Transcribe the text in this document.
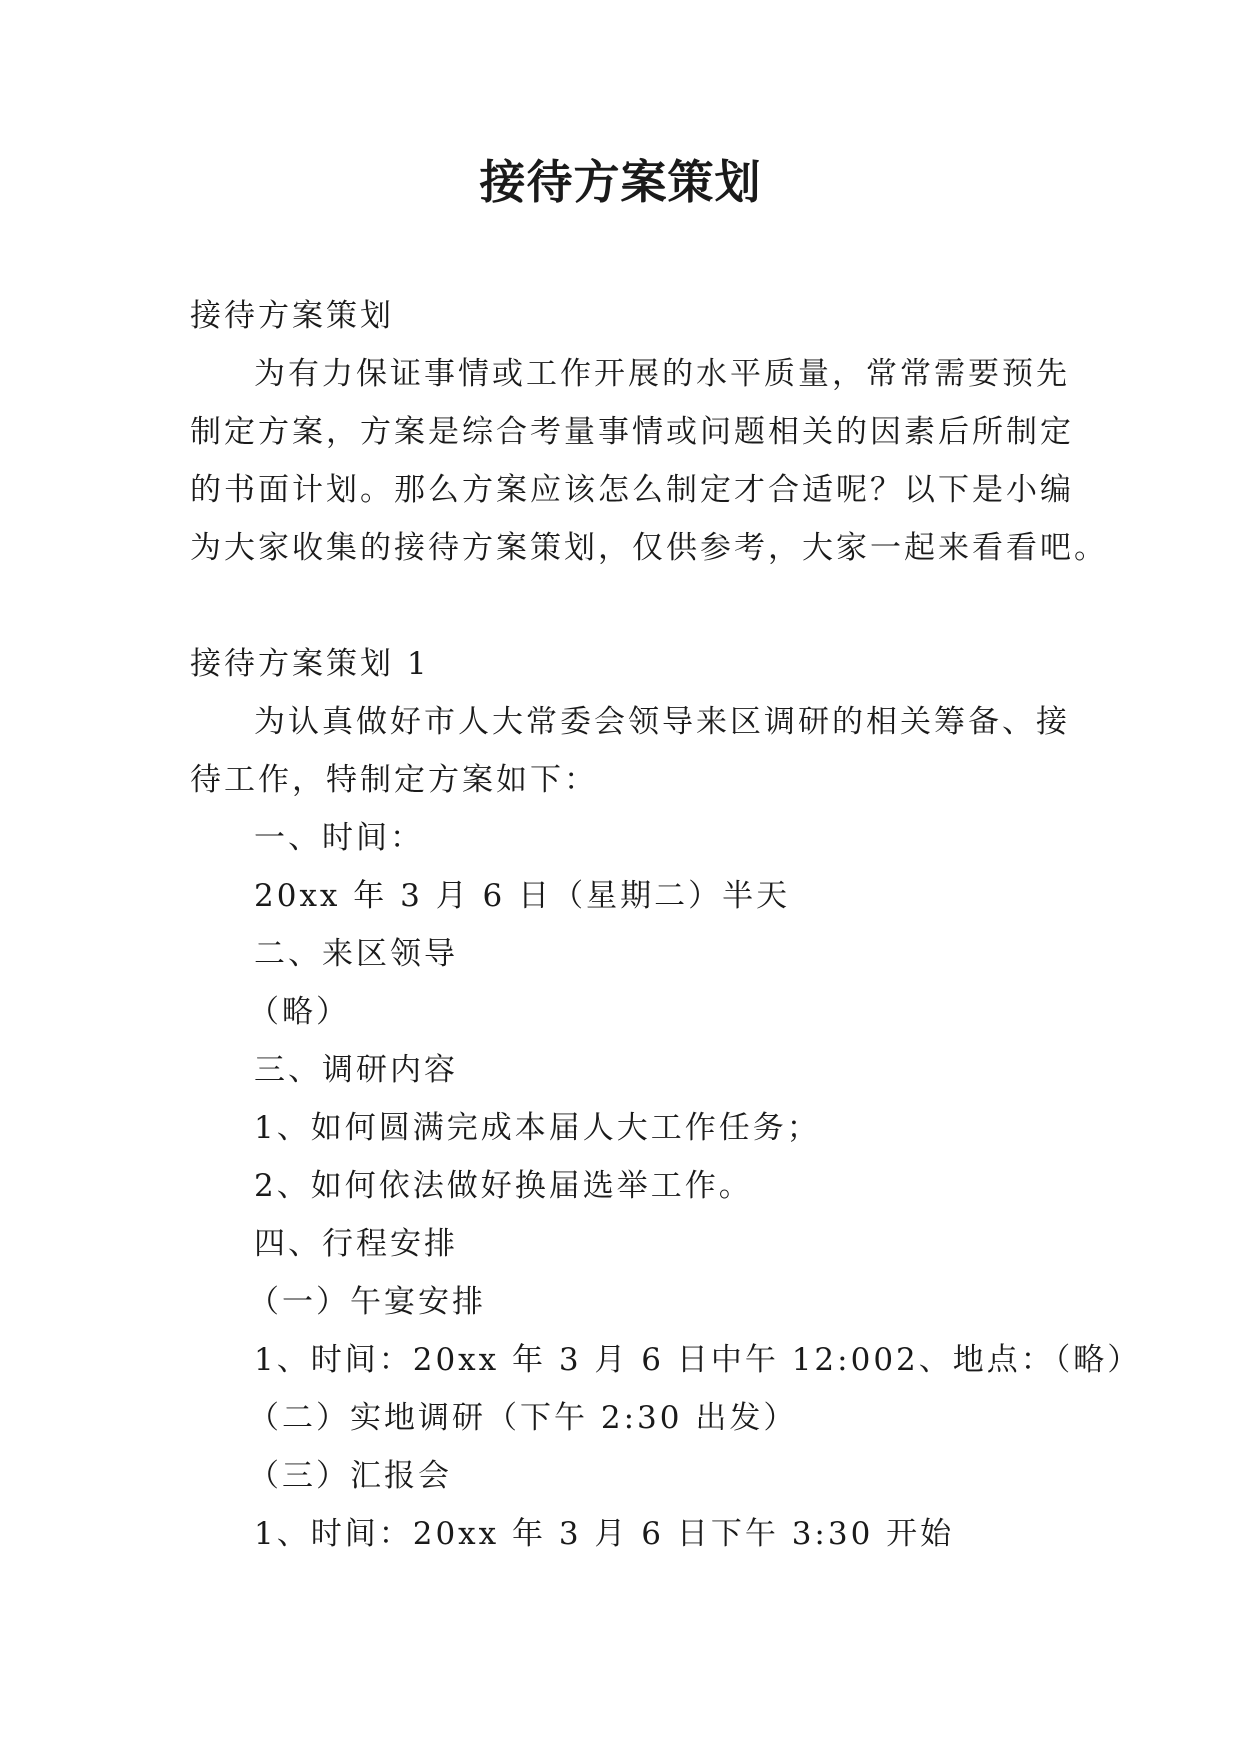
接待方案策划
接待方案策划
为有力保证事情或工作开展的水平质量，常常需要预先
制定方案，方案是综合考量事情或问题相关的因素后所制定
的书面计划。那么方案应该怎么制定才合适呢？以下是小编
为大家收集的接待方案策划，仅供参考，大家一起来看看吧。
接待方案策划 1
为认真做好市人大常委会领导来区调研的相关筹备、接
待工作，特制定方案如下：
一、时间：
20xx 年 3 月 6 日（星期二）半天
二、来区领导
（略）
三、调研内容
1、如何圆满完成本届人大工作任务；
2、如何依法做好换届选举工作。
四、行程安排
（一）午宴安排
1、时间：20xx 年 3 月 6 日中午 12:002、地点：（略）
（二）实地调研（下午 2:30 出发）
（三）汇报会
1、时间：20xx 年 3 月 6 日下午 3:30 开始
